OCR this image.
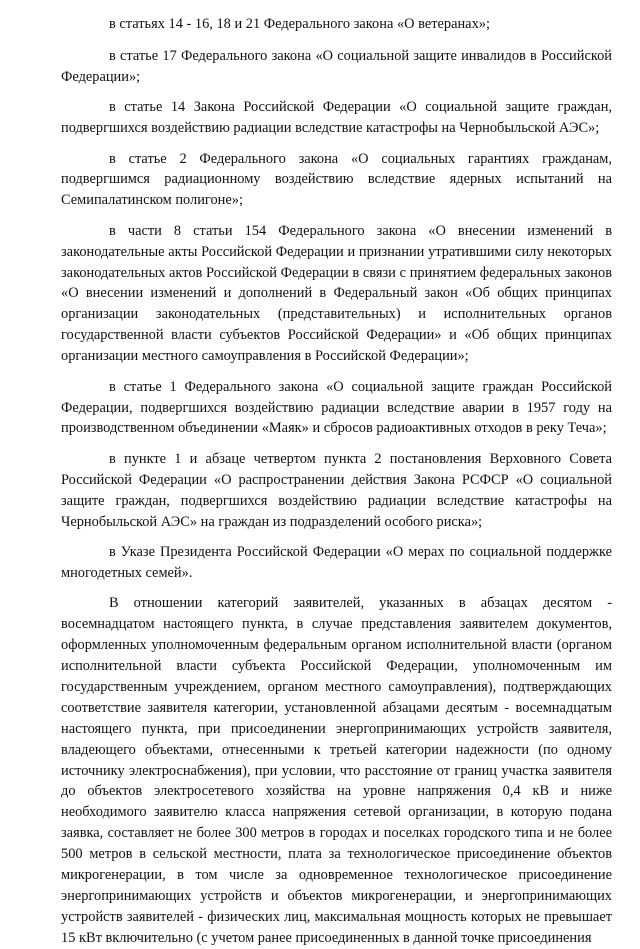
в статьях 14 - 16, 18 и 21 Федерального закона «О ветеранах»;

в статье 17 Федерального закона «О социальной защите инвалидов в Российской Федерации»;

в статье 14 Закона Российской Федерации «О социальной защите граждан, подвергшихся воздействию радиации вследствие катастрофы на Чернобыльской АЭС»;

в статье 2 Федерального закона «О социальных гарантиях гражданам, подвергшимся радиационному воздействию вследствие ядерных испытаний на Семипалатинском полигоне»;

в части 8 статьи 154 Федерального закона «О внесении изменений в законодательные акты Российской Федерации и признании утратившими силу некоторых законодательных актов Российской Федерации в связи с принятием федеральных законов «О внесении изменений и дополнений в Федеральный закон «Об общих принципах организации законодательных (представительных) и исполнительных органов государственной власти субъектов Российской Федерации» и «Об общих принципах организации местного самоуправления в Российской Федерации»;

в статье 1 Федерального закона «О социальной защите граждан Российской Федерации, подвергшихся воздействию радиации вследствие аварии в 1957 году на производственном объединении «Маяк» и сбросов радиоактивных отходов в реку Теча»;

в пункте 1 и абзаце четвертом пункта 2 постановления Верховного Совета Российской Федерации «О распространении действия Закона РСФСР «О социальной защите граждан, подвергшихся воздействию радиации вследствие катастрофы на Чернобыльской АЭС» на граждан из подразделений особого риска»;

в Указе Президента Российской Федерации «О мерах по социальной поддержке многодетных семей».

В отношении категорий заявителей, указанных в абзацах десятом - восемнадцатом настоящего пункта, в случае представления заявителем документов, оформленных уполномоченным федеральным органом исполнительной власти (органом исполнительной власти субъекта Российской Федерации, уполномоченным им государственным учреждением, органом местного самоуправления), подтверждающих соответствие заявителя категории, установленной абзацами десятым - восемнадцатым настоящего пункта, при присоединении энергопринимающих устройств заявителя, владеющего объектами, отнесенными к третьей категории надежности (по одному источнику электроснабжения), при условии, что расстояние от границ участка заявителя до объектов электросетевого хозяйства на уровне напряжения 0,4 кВ и ниже необходимого заявителю класса напряжения сетевой организации, в которую подана заявка, составляет не более 300 метров в городах и поселках городского типа и не более 500 метров в сельской местности, плата за технологическое присоединение объектов микрогенерации, в том числе за одновременное технологическое присоединение энергопринимающих устройств и объектов микрогенерации, и энергопринимающих устройств заявителей - физических лиц, максимальная мощность которых не превышает 15 кВт включительно (с учетом ранее присоединенных в данной точке присоединения
